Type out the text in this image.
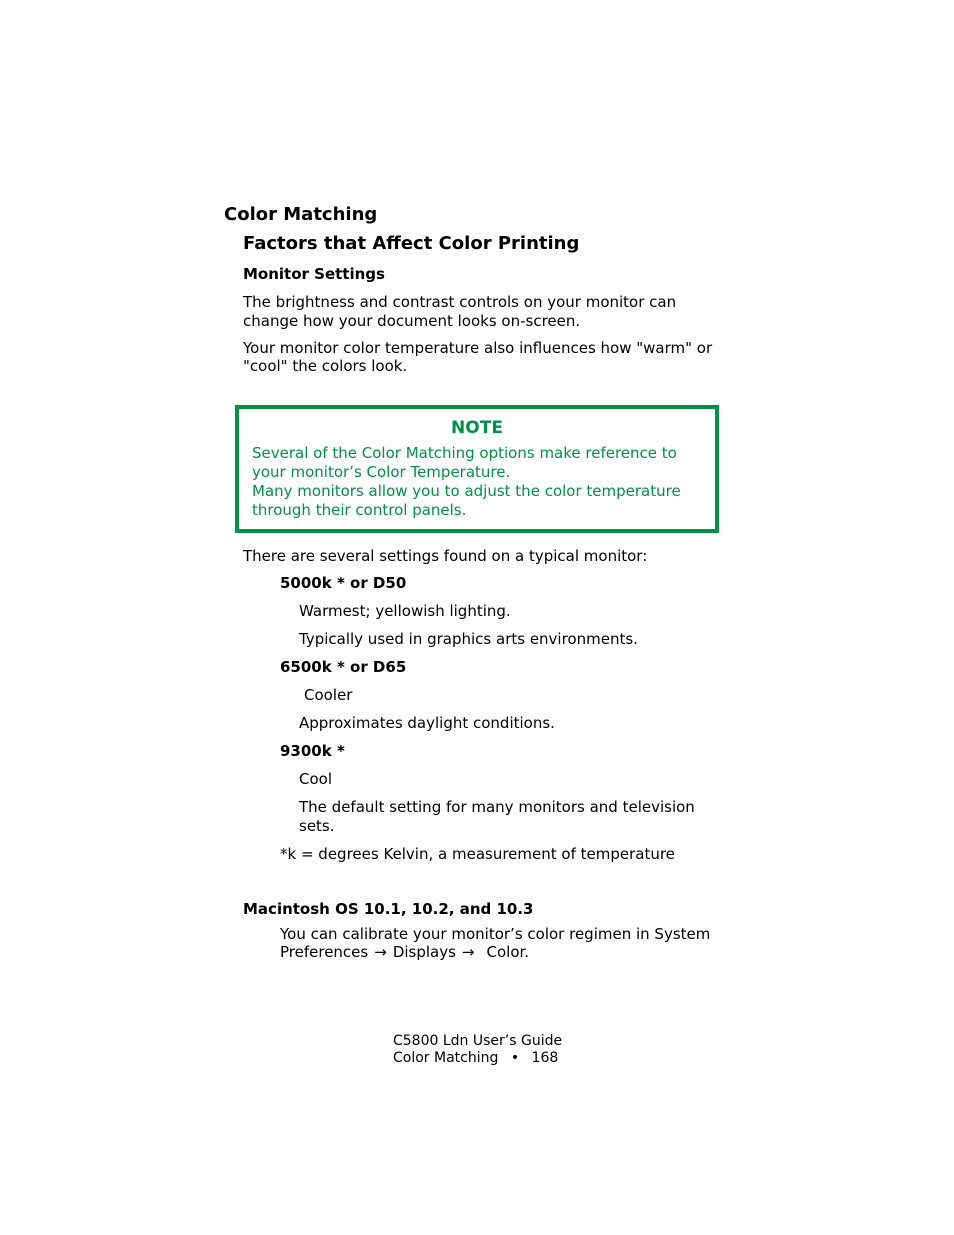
Color Matching
Factors that Affect Color Printing
Monitor Settings
The brightness and contrast controls on your monitor can
change how your document looks on-screen.
Your monitor color temperature also influences how "warm" or
"cool" the colors look.
NOTE
Several of the Color Matching options make reference to
your monitor’s Color Temperature.
Many monitors allow you to adjust the color temperature
through their control panels.
There are several settings found on a typical monitor:
5000k * or D50
Warmest; yellowish lighting.
Typically used in graphics arts environments.
6500k * or D65
Cooler
Approximates daylight conditions.
9300k *
Cool
The default setting for many monitors and television
sets.
*k = degrees Kelvin, a measurement of temperature
Macintosh OS 10.1, 10.2, and 10.3
You can calibrate your monitor’s color regimen in System
Preferences → Displays → Color.
C5800 Ldn User’s Guide
Color Matching • 168
